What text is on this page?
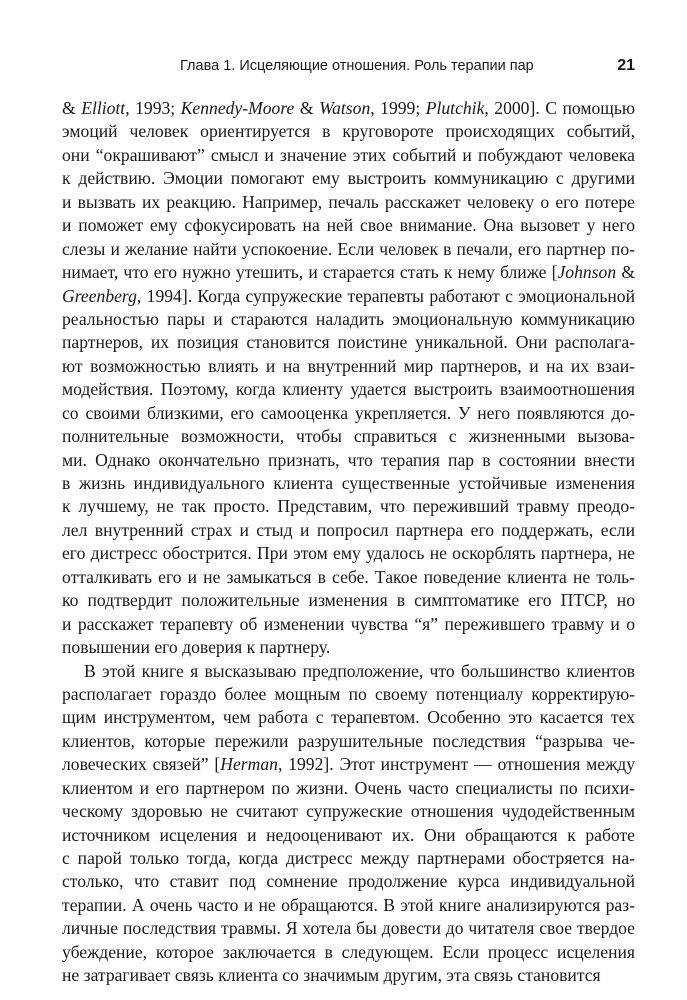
Глава 1. Исцеляющие отношения. Роль терапии пар	21
& Elliott, 1993; Kennedy-Moore & Watson, 1999; Plutchik, 2000]. С помощью
эмоций человек ориентируется в круговороте происходящих событий,
они “окрашивают” смысл и значение этих событий и побуждают человека
к действию. Эмоции помогают ему выстроить коммуникацию с другими
и вызвать их реакцию. Например, печаль расскажет человеку о его потере
и поможет ему сфокусировать на ней свое внимание. Она вызовет у него
слезы и желание найти успокоение. Если человек в печали, его партнер по-
нимает, что его нужно утешить, и старается стать к нему ближе [Johnson &
Greenberg, 1994]. Когда супружеские терапевты работают с эмоциональной
реальностью пары и стараются наладить эмоциональную коммуникацию
партнеров, их позиция становится поистине уникальной. Они располага-
ют возможностью влиять и на внутренний мир партнеров, и на их взаи-
модействия. Поэтому, когда клиенту удается выстроить взаимоотношения
со своими близкими, его самооценка укрепляется. У него появляются до-
полнительные возможности, чтобы справиться с жизненными вызова-
ми. Однако окончательно признать, что терапия пар в состоянии внести
в жизнь индивидуального клиента существенные устойчивые изменения
к лучшему, не так просто. Представим, что переживший травму преодо-
лел внутренний страх и стыд и попросил партнера его поддержать, если
его дистресс обострится. При этом ему удалось не оскорблять партнера, не
отталкивать его и не замыкаться в себе. Такое поведение клиента не толь-
ко подтвердит положительные изменения в симптоматике его ПТСР, но
и расскажет терапевту об изменении чувства “я” пережившего травму и о
повышении его доверия к партнеру.
В этой книге я высказываю предположение, что большинство клиентов
располагает гораздо более мощным по своему потенциалу корректирую-
щим инструментом, чем работа с терапевтом. Особенно это касается тех
клиентов, которые пережили разрушительные последствия “разрыва че-
ловеческих связей” [Herman, 1992]. Этот инструмент — отношения между
клиентом и его партнером по жизни. Очень часто специалисты по психи-
ческому здоровью не считают супружеские отношения чудодейственным
источником исцеления и недооценивают их. Они обращаются к работе
с парой только тогда, когда дистресс между партнерами обостряется на-
столько, что ставит под сомнение продолжение курса индивидуальной
терапии. А очень часто и не обращаются. В этой книге анализируются раз-
личные последствия травмы. Я хотела бы довести до читателя свое твердое
убеждение, которое заключается в следующем. Если процесс исцеления
не затрагивает связь клиента со значимым другим, эта связь становится
